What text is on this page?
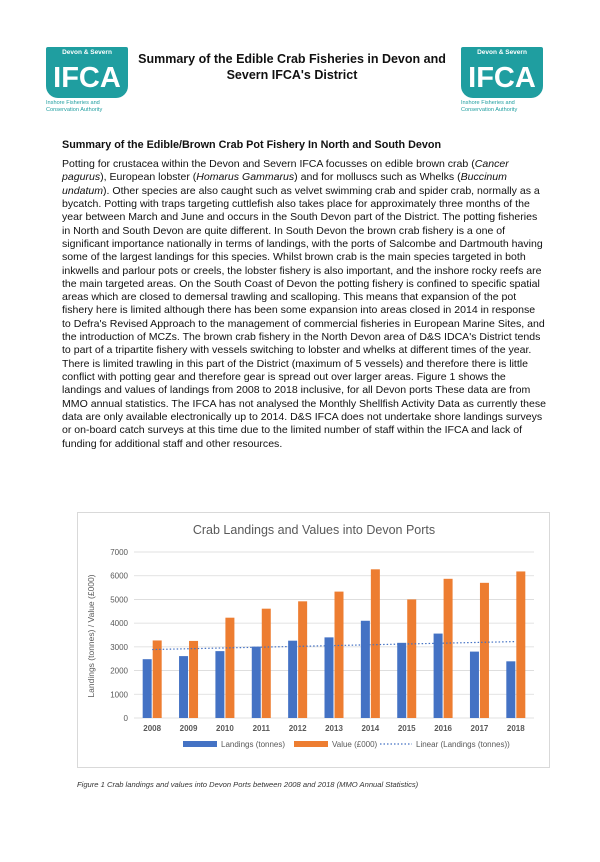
Devon & Severn
IFCA
Inshore Fisheries and
Conservation Authority
Devon & Severn
IFCA
Inshore Fisheries and
Conservation Authority
Summary of the Edible Crab Fisheries in Devon and
Severn IFCA's District
Summary of the Edible/Brown Crab Pot Fishery In North and South Devon

Potting for crustacea within the Devon and Severn IFCA focusses on edible brown crab (Cancer pagurus), European lobster (Homarus Gammarus) and for molluscs such as Whelks (Buccinum undatum). Other species are also caught such as velvet swimming crab and spider crab, normally as a bycatch. Potting with traps targeting cuttlefish also takes place for approximately three months of the year between March and June and occurs in the South Devon part of the District. The potting fisheries in North and South Devon are quite different. In South Devon the brown crab fishery is a one of significant importance nationally in terms of landings, with the ports of Salcombe and Dartmouth having some of the largest landings for this species. Whilst brown crab is the main species targeted in both inkwells and parlour pots or creels, the lobster fishery is also important, and the inshore rocky reefs are the main targeted areas. On the South Coast of Devon the potting fishery is confined to specific spatial areas which are closed to demersal trawling and scalloping. This means that expansion of the pot fishery here is limited although there has been some expansion into areas closed in 2014 in response to Defra's Revised Approach to the management of commercial fisheries in European Marine Sites, and the introduction of MCZs. The brown crab fishery in the North Devon area of D&S IDCA's District tends to part of a tripartite fishery with vessels switching to lobster and whelks at different times of the year. There is limited trawling in this part of the District (maximum of 5 vessels) and therefore there is little conflict with potting gear and therefore gear is spread out over larger areas. Figure 1 shows the landings and values of landings from 2008 to 2018 inclusive, for all Devon ports These data are from MMO annual statistics. The IFCA has not analysed the Monthly Shellfish Activity Data as currently these data are only available electronically up to 2014. D&S IFCA does not undertake shore landings surveys or on-board catch surveys at this time due to the limited number of staff within the IFCA and lack of funding for additional staff and other resources.

Crab Landings and Values into Devon Ports
Landings (tonnes) / Value (£000)
0
1000
2000
3000
4000
5000
6000
7000
2008 2009 2010 2011 2012 2013 2014 2015 2016 2017 2018
Landings (tonnes)	Value (£000)	Linear (Landings (tonnes))
Figure 1 Crab landings and values into Devon Ports between 2008 and 2018 (MMO Annual Statistics)
